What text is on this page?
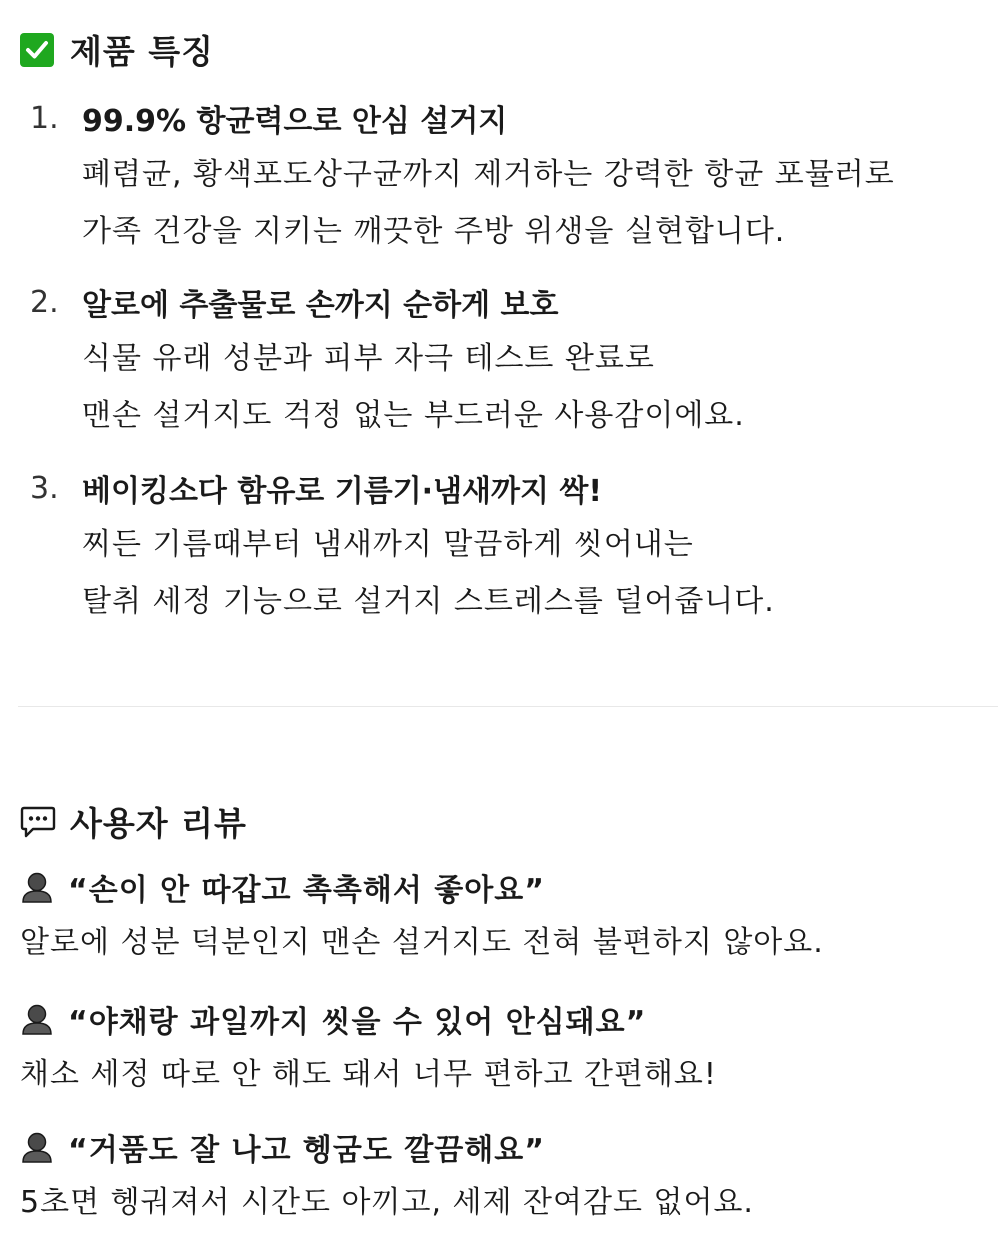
제품 특징
1. 99.9% 항균력으로 안심 설거지
폐렴균, 황색포도상구균까지 제거하는 강력한 항균 포뮬러로
가족 건강을 지키는 깨끗한 주방 위생을 실현합니다.
2. 알로에 추출물로 손까지 순하게 보호
식물 유래 성분과 피부 자극 테스트 완료로
맨손 설거지도 걱정 없는 부드러운 사용감이에요.
3. 베이킹소다 함유로 기름기·냄새까지 싹!
찌든 기름때부터 냄새까지 말끔하게 씻어내는
탈취 세정 기능으로 설거지 스트레스를 덜어줍니다.
사용자 리뷰
“손이 안 따갑고 촉촉해서 좋아요”
알로에 성분 덕분인지 맨손 설거지도 전혀 불편하지 않아요.
“야채랑 과일까지 씻을 수 있어 안심돼요”
채소 세정 따로 안 해도 돼서 너무 편하고 간편해요!
“거품도 잘 나고 헹굼도 깔끔해요”
5초면 헹궈져서 시간도 아끼고, 세제 잔여감도 없어요.
